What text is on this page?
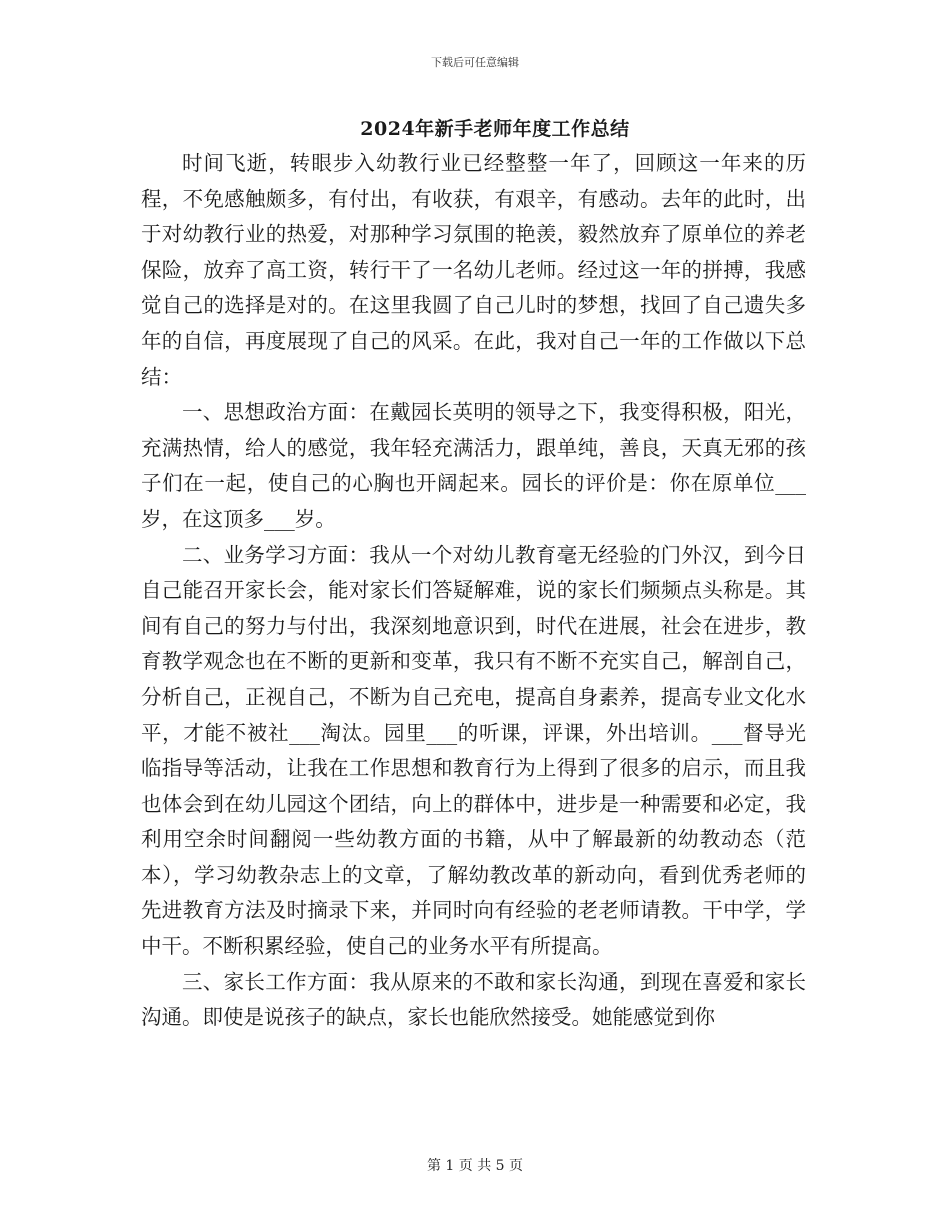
下载后可任意编辑
2024年新手老师年度工作总结

时间飞逝，转眼步入幼教行业已经整整一年了，回顾这一年来的历程，不免感触颇多，有付出，有收获，有艰辛，有感动。去年的此时，出于对幼教行业的热爱，对那种学习氛围的艳羡，毅然放弃了原单位的养老保险，放弃了高工资，转行干了一名幼儿老师。经过这一年的拼搏，我感觉自己的选择是对的。在这里我圆了自己儿时的梦想，找回了自己遗失多年的自信，再度展现了自己的风采。在此，我对自己一年的工作做以下总结：

一、思想政治方面：在戴园长英明的领导之下，我变得积极，阳光，充满热情，给人的感觉，我年轻充满活力，跟单纯，善良，天真无邪的孩子们在一起，使自己的心胸也开阔起来。园长的评价是：你在原单位___岁，在这顶多___岁。

二、业务学习方面：我从一个对幼儿教育毫无经验的门外汉，到今日自己能召开家长会，能对家长们答疑解难，说的家长们频频点头称是。其间有自己的努力与付出，我深刻地意识到，时代在进展，社会在进步，教育教学观念也在不断的更新和变革，我只有不断不充实自己，解剖自己，分析自己，正视自己，不断为自己充电，提高自身素养，提高专业文化水平，才能不被社___淘汰。园里___的听课，评课，外出培训。___督导光临指导等活动，让我在工作思想和教育行为上得到了很多的启示，而且我也体会到在幼儿园这个团结，向上的群体中，进步是一种需要和必定，我利用空余时间翻阅一些幼教方面的书籍，从中了解最新的幼教动态（范本），学习幼教杂志上的文章，了解幼教改革的新动向，看到优秀老师的先进教育方法及时摘录下来，并同时向有经验的老老师请教。干中学，学中干。不断积累经验，使自己的业务水平有所提高。

三、家长工作方面：我从原来的不敢和家长沟通，到现在喜爱和家长沟通。即使是说孩子的缺点，家长也能欣然接受。她能感觉到你

第 1 页 共 5 页
